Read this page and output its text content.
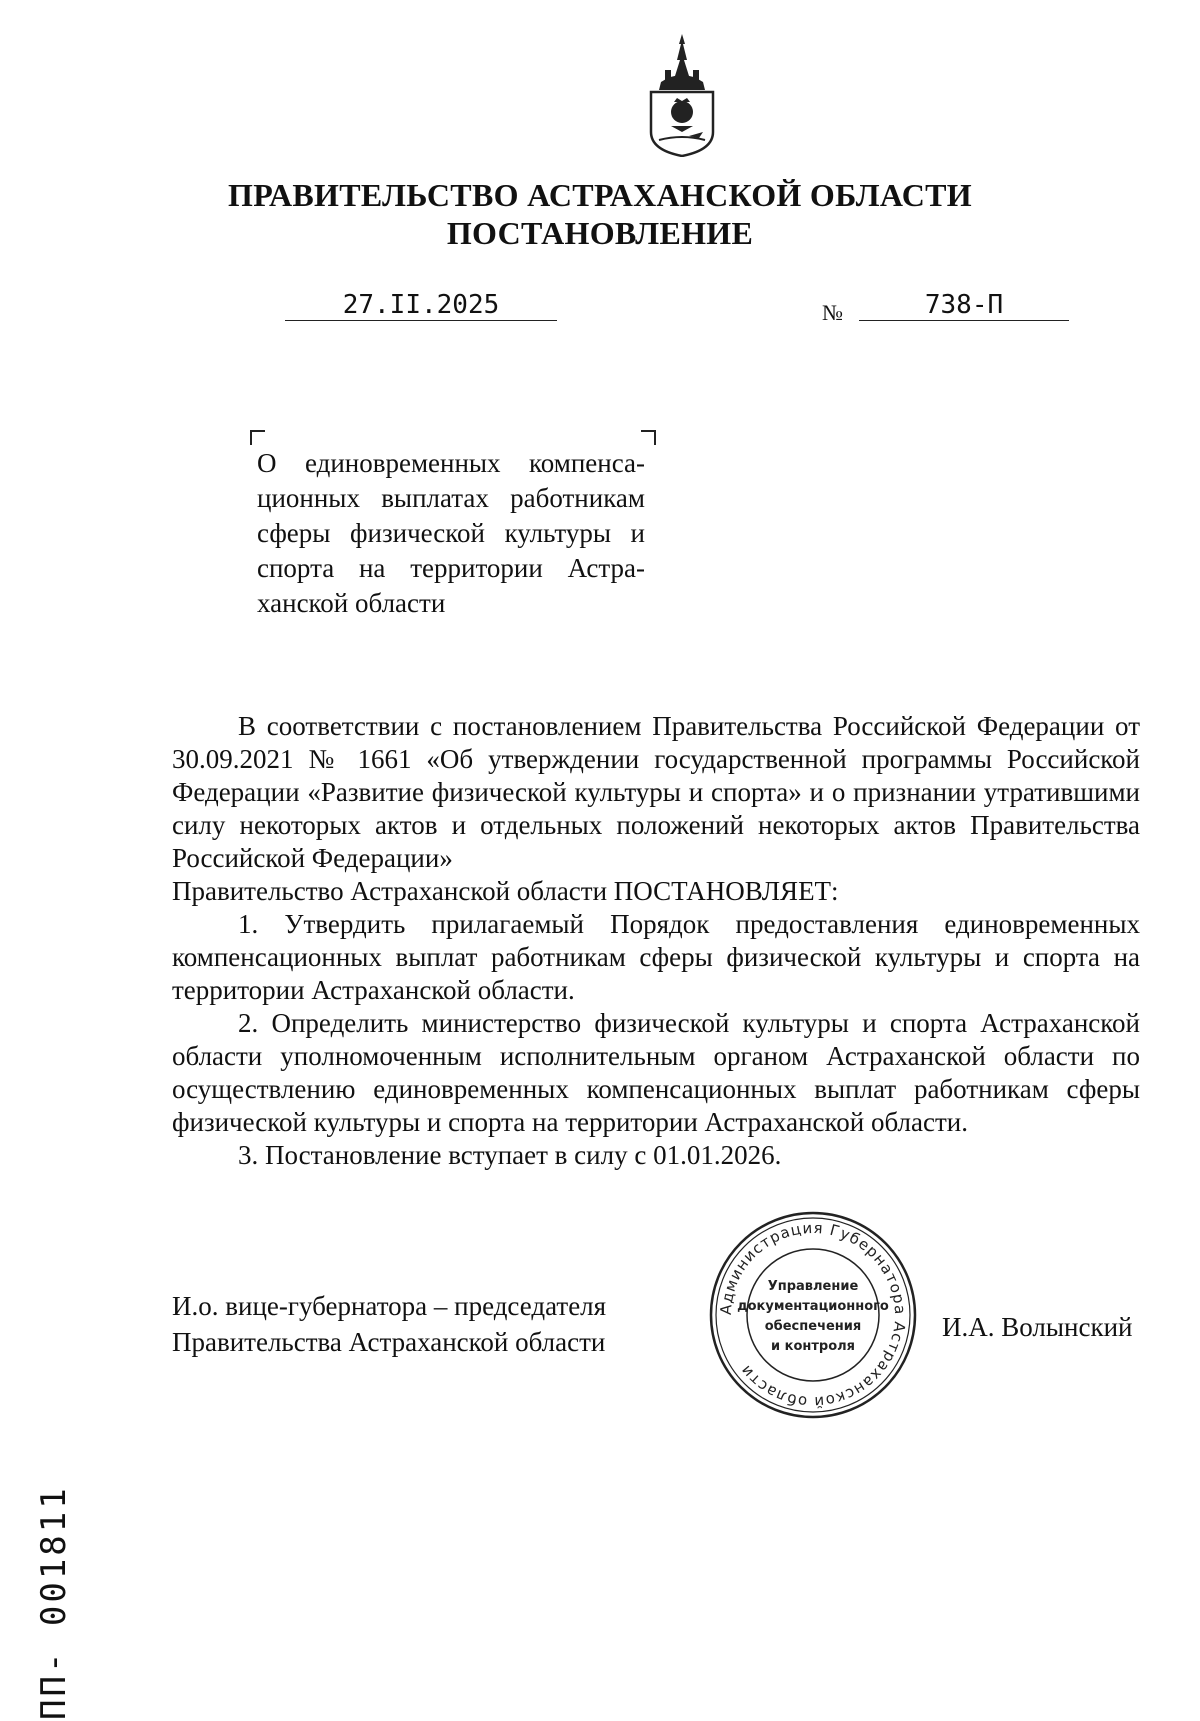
ПРАВИТЕЛЬСТВО АСТРАХАНСКОЙ ОБЛАСТИ
ПОСТАНОВЛЕНИЕ
27.II.2025	№	738-П
О единовременных компенса-
ционных выплатах работникам
сферы физической культуры и
спорта на территории Астра-
ханской области

В соответствии с постановлением Правительства Российской Федерации от 30.09.2021 № 1661 «Об утверждении государственной программы Российской Федерации «Развитие физической культуры и спорта» и о признании утратившими силу некоторых актов и отдельных положений некоторых актов Правительства Российской Федерации»

Правительство Астраханской области ПОСТАНОВЛЯЕТ:

1. Утвердить прилагаемый Порядок предоставления единовременных компенсационных выплат работникам сферы физической культуры и спорта на территории Астраханской области.

2. Определить министерство физической культуры и спорта Астраханской области уполномоченным исполнительным органом Астраханской области по осуществлению единовременных компенсационных выплат работникам сферы физической культуры и спорта на территории Астраханской области.

3. Постановление вступает в силу с 01.01.2026.

И.о. вице-губернатора – председателя
Правительства Астраханской области	И.А. Волынский
Администрация Губернатора Астраханской области
Управление
документационного
обеспечения
и контроля
ПП- 001811
